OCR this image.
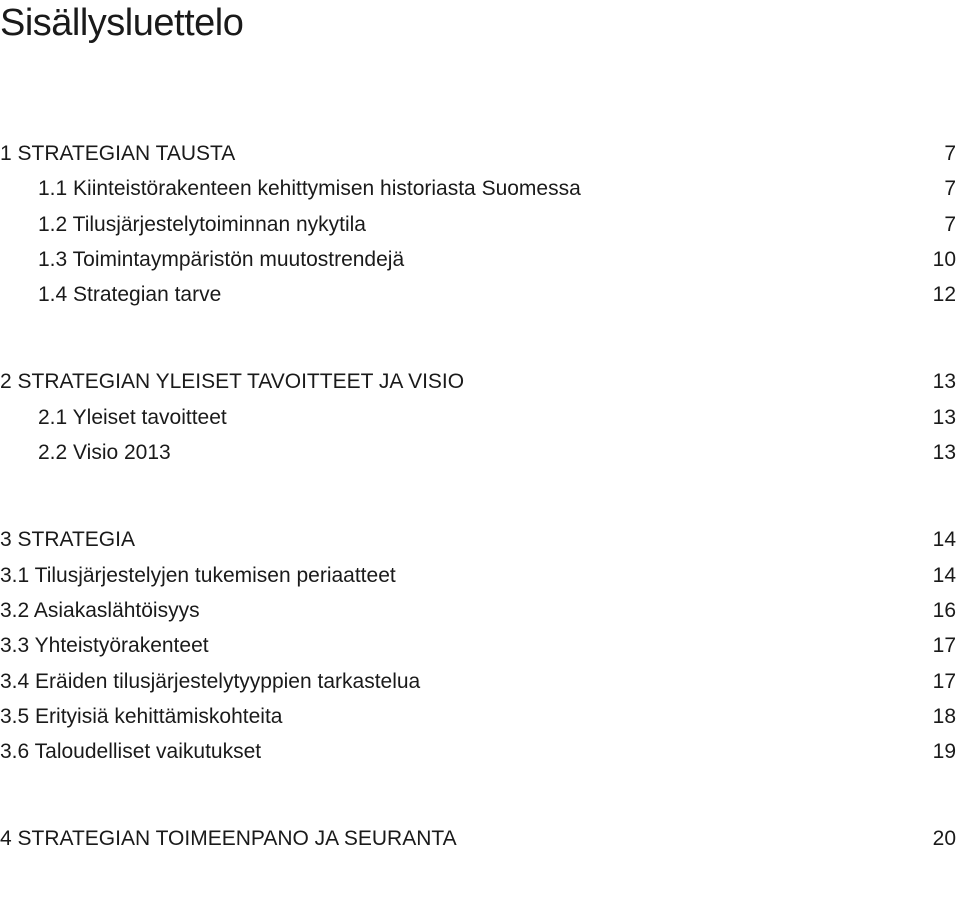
Sisällysluettelo
1 STRATEGIAN TAUSTA	7
1.1 Kiinteistörakenteen kehittymisen historiasta Suomessa	7
1.2 Tilusjärjestelytoiminnan nykytila	7
1.3 Toimintaympäristön muutostrendejä	10
1.4 Strategian tarve	12
2 STRATEGIAN YLEISET TAVOITTEET JA VISIO	13
2.1 Yleiset tavoitteet	13
2.2 Visio 2013	13
3 STRATEGIA	14
3.1 Tilusjärjestelyjen tukemisen periaatteet	14
3.2 Asiakaslähtöisyys	16
3.3 Yhteistyörakenteet	17
3.4 Eräiden tilusjärjestelytyyppien tarkastelua	17
3.5 Erityisiä kehittämiskohteita	18
3.6 Taloudelliset vaikutukset	19
4 STRATEGIAN TOIMEENPANO JA SEURANTA	20
